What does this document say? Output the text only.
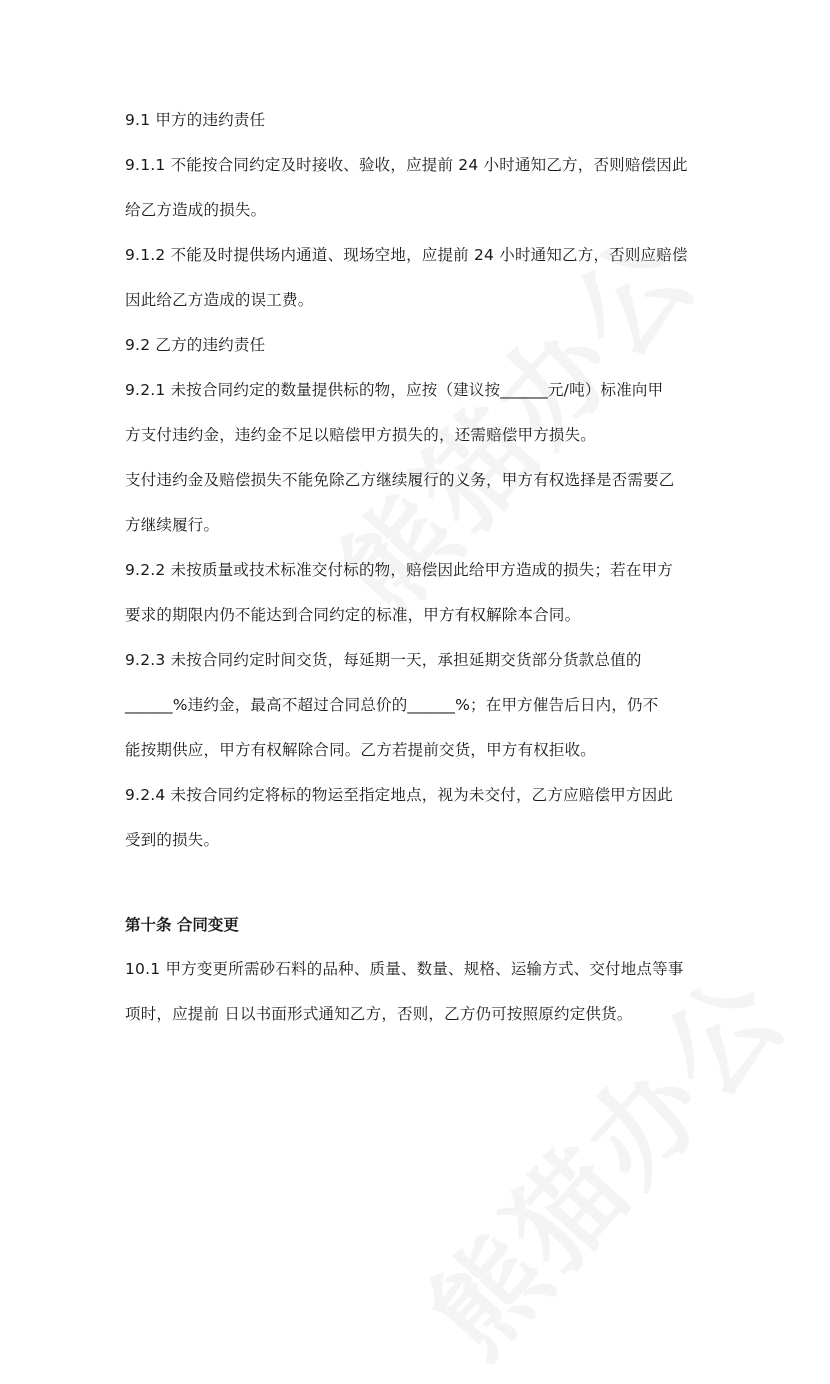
9.1 甲方的违约责任
9.1.1 不能按合同约定及时接收、验收，应提前 24 小时通知乙方，否则赔偿因此
给乙方造成的损失。
9.1.2 不能及时提供场内通道、现场空地，应提前 24 小时通知乙方，否则应赔偿
因此给乙方造成的误工费。
9.2 乙方的违约责任
9.2.1 未按合同约定的数量提供标的物，应按（建议按______元/吨）标准向甲
方支付违约金，违约金不足以赔偿甲方损失的，还需赔偿甲方损失。
支付违约金及赔偿损失不能免除乙方继续履行的义务，甲方有权选择是否需要乙
方继续履行。
9.2.2 未按质量或技术标准交付标的物，赔偿因此给甲方造成的损失；若在甲方
要求的期限内仍不能达到合同约定的标准，甲方有权解除本合同。
9.2.3 未按合同约定时间交货，每延期一天，承担延期交货部分货款总值的
______%违约金，最高不超过合同总价的______%；在甲方催告后日内，仍不
能按期供应，甲方有权解除合同。乙方若提前交货，甲方有权拒收。
9.2.4 未按合同约定将标的物运至指定地点，视为未交付，乙方应赔偿甲方因此
受到的损失。
第十条 合同变更
10.1 甲方变更所需砂石料的品种、质量、数量、规格、运输方式、交付地点等事
项时，应提前 日以书面形式通知乙方，否则，乙方仍可按照原约定供货。
